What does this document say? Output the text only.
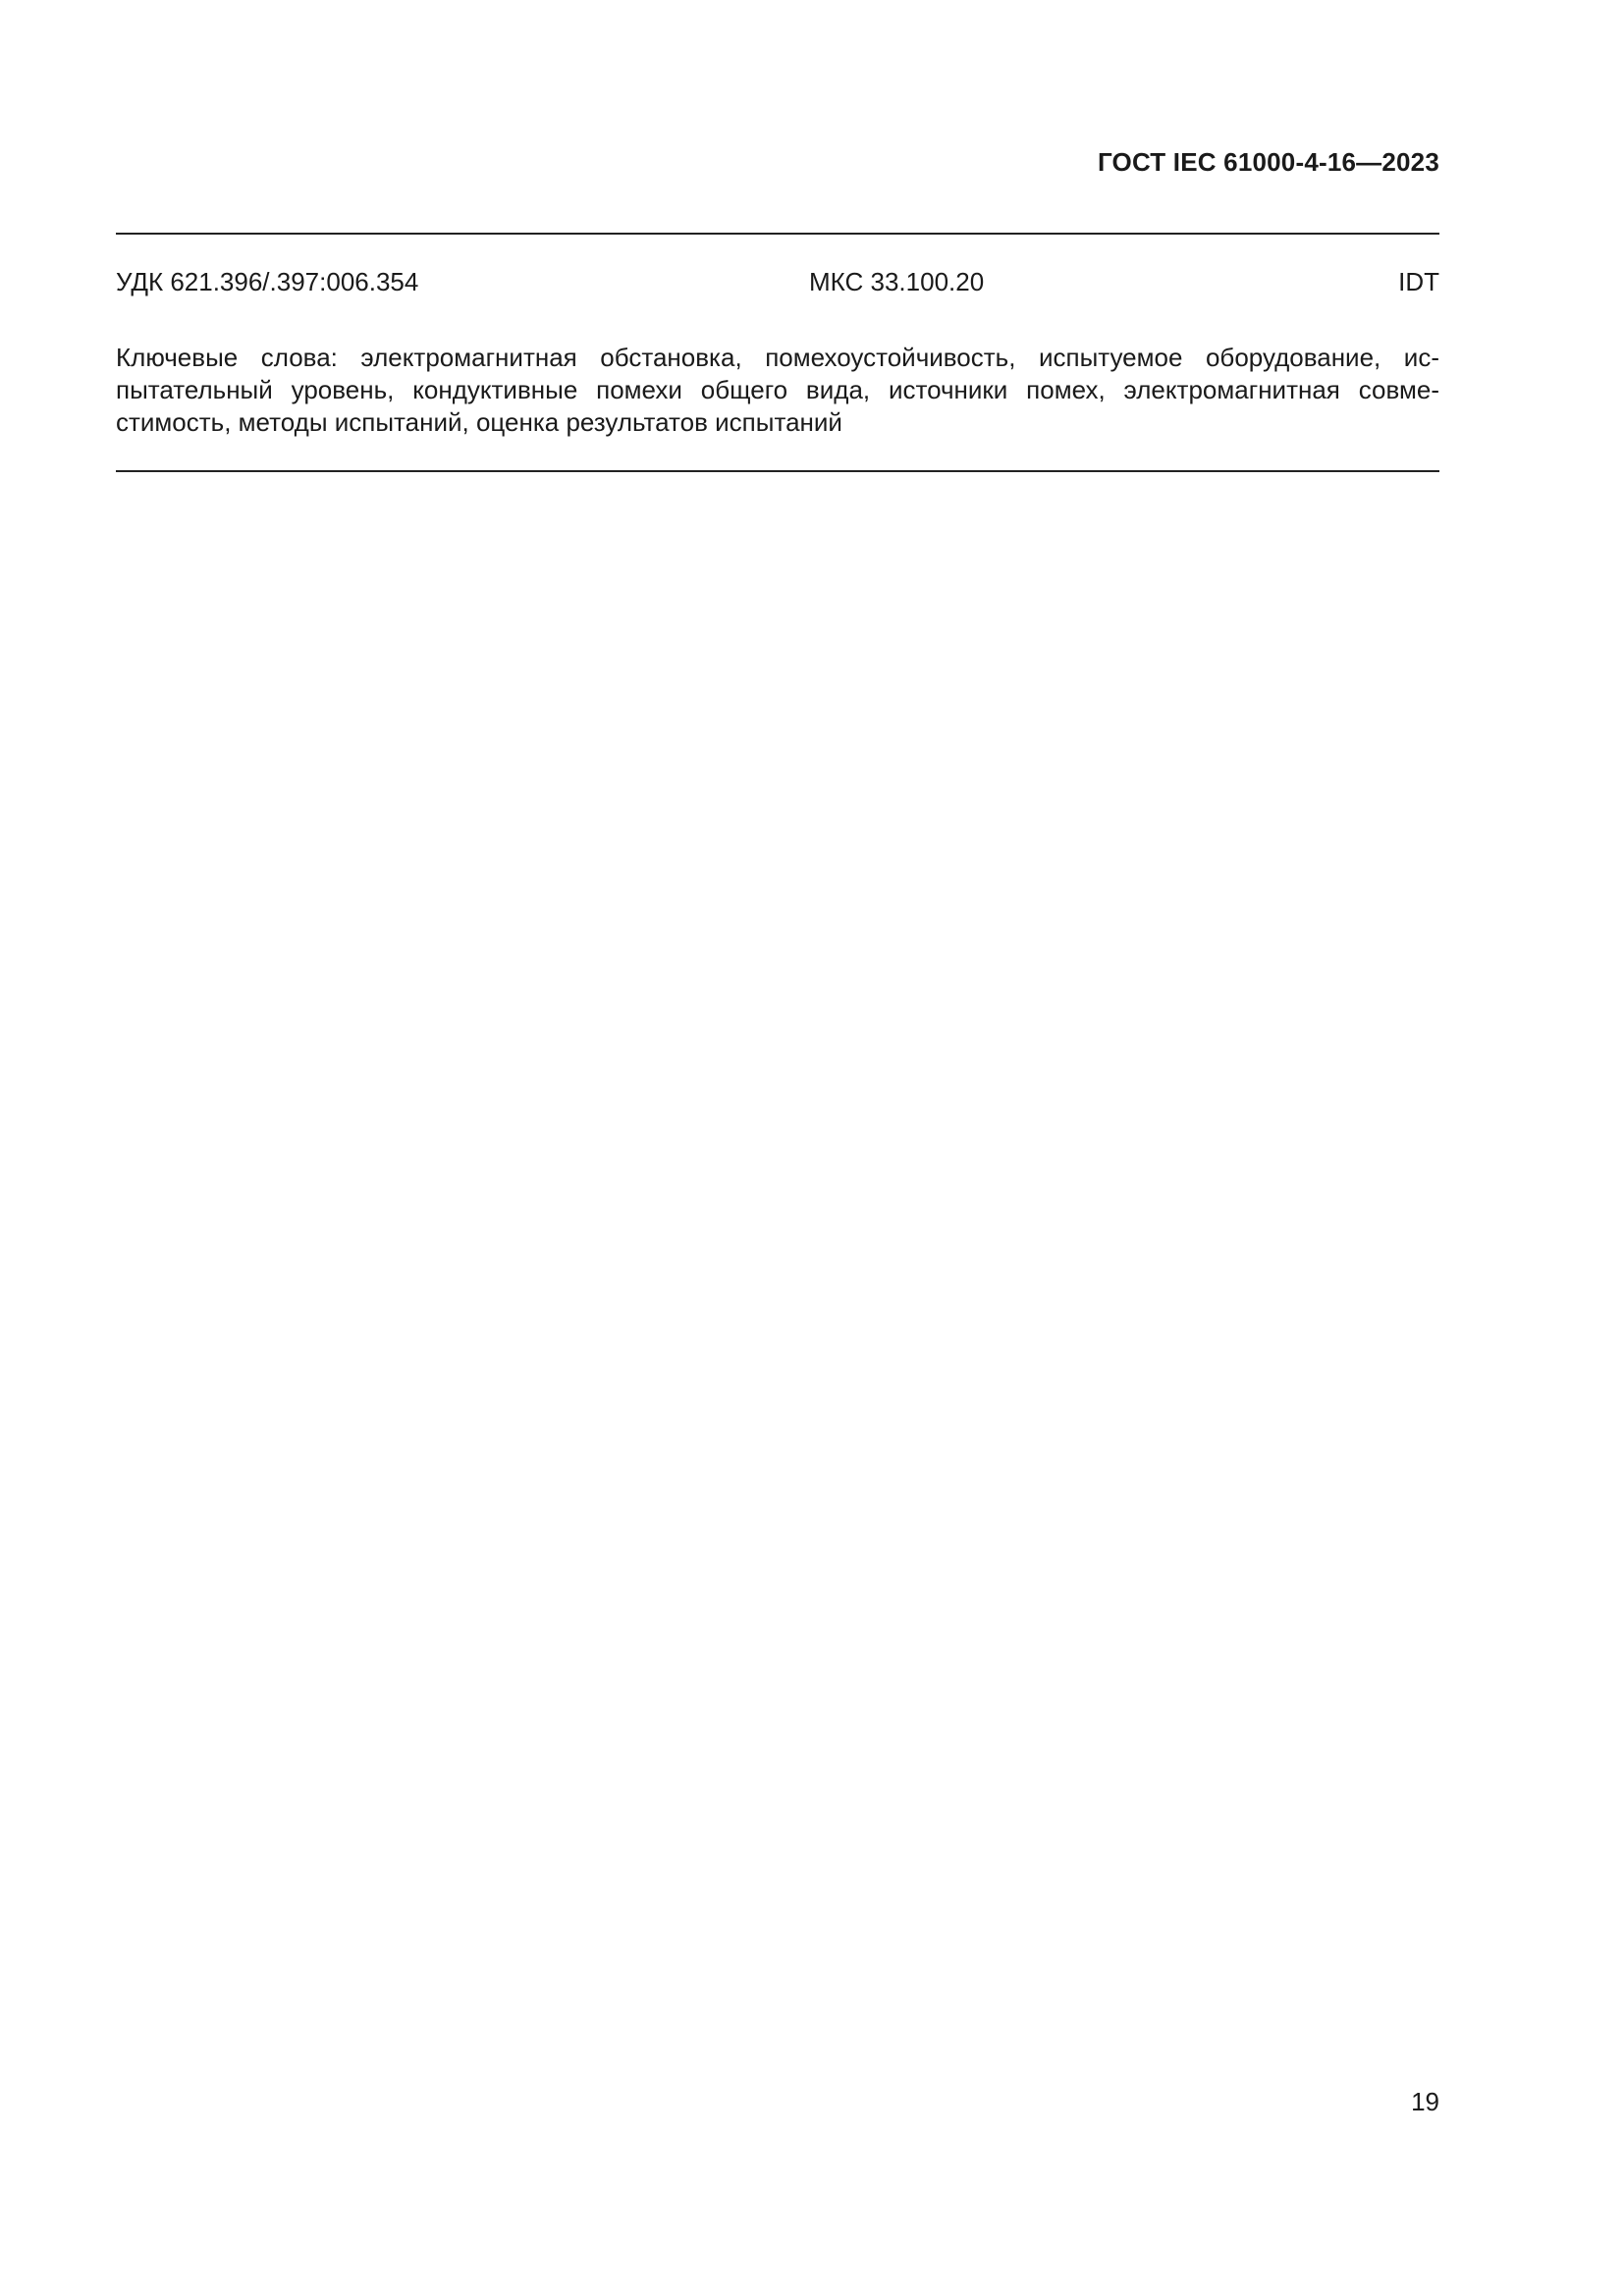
ГОСТ IEC 61000-4-16—2023
УДК 621.396/.397:006.354	МКС 33.100.20	IDT
Ключевые слова: электромагнитная обстановка, помехоустойчивость, испытуемое оборудование, ис-
пытательный уровень, кондуктивные помехи общего вида, источники помех, электромагнитная совме-
стимость, методы испытаний, оценка результатов испытаний
19
